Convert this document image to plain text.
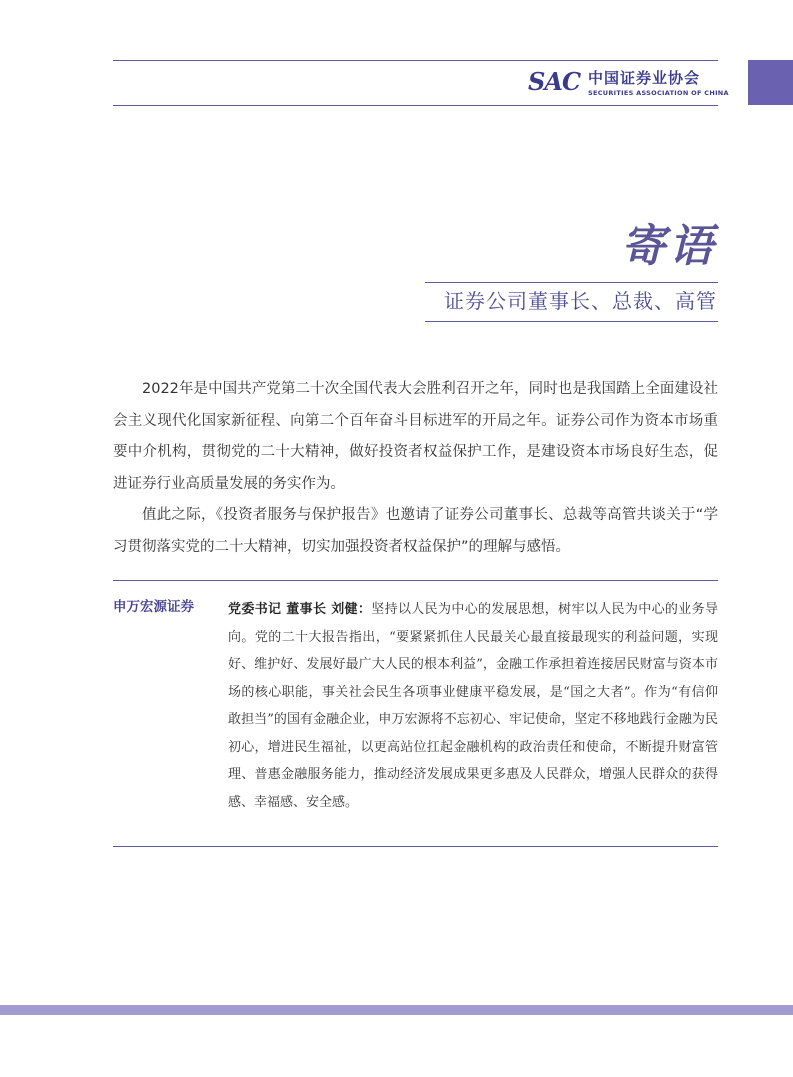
SAC 中国证券业协会
SECURITIES ASSOCIATION OF CHINA
寄语
证券公司董事长、总裁、高管

2022年是中国共产党第二十次全国代表大会胜利召开之年，同时也是我国踏上全面建设社会主义现代化国家新征程、向第二个百年奋斗目标进军的开局之年。证券公司作为资本市场重要中介机构，贯彻党的二十大精神，做好投资者权益保护工作，是建设资本市场良好生态，促进证券行业高质量发展的务实作为。

值此之际，《投资者服务与保护报告》也邀请了证券公司董事长、总裁等高管共谈关于“学习贯彻落实党的二十大精神，切实加强投资者权益保护”的理解与感悟。

申万宏源证券	党委书记 董事长 刘健：坚持以人民为中心的发展思想，树牢以人民为中心的业务导向。党的二十大报告指出，“要紧紧抓住人民最关心最直接最现实的利益问题，实现好、维护好、发展好最广大人民的根本利益”，金融工作承担着连接居民财富与资本市场的核心职能，事关社会民生各项事业健康平稳发展，是“国之大者”。作为“有信仰 敢担当”的国有金融企业，申万宏源将不忘初心、牢记使命，坚定不移地践行金融为民初心，增进民生福祉，以更高站位扛起金融机构的政治责任和使命，不断提升财富管理、普惠金融服务能力，推动经济发展成果更多惠及人民群众，增强人民群众的获得感、幸福感、安全感。
